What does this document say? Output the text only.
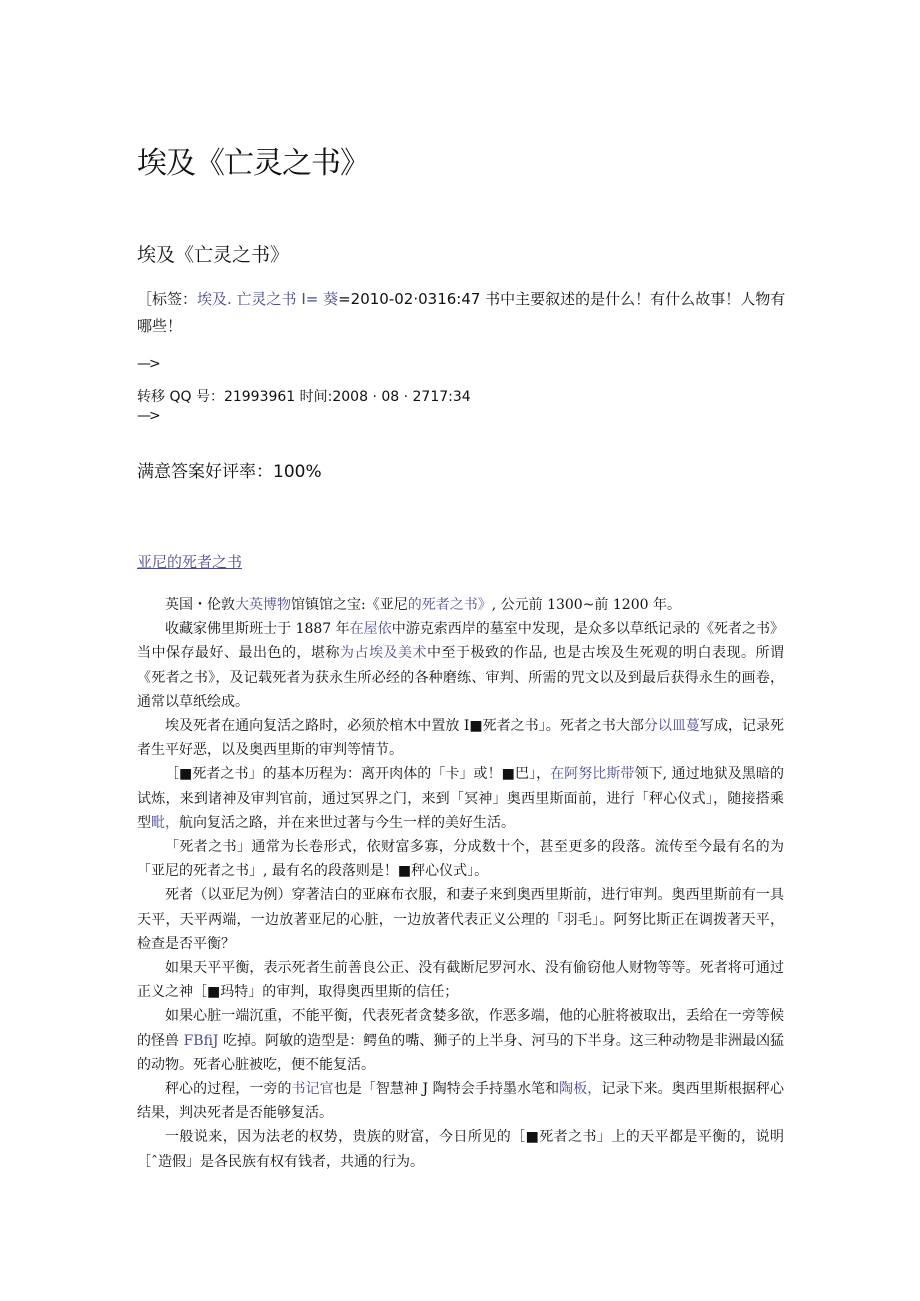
埃及《亡灵之书》
埃及《亡灵之书》
［标签：埃及. 亡灵之书 I= 葵=2010-02·0316:47 书中主要叙述的是什么！有什么故事！人物有哪些！
—>
转移 QQ 号：21993961 时间:2008 · 08 · 2717:34
—>
满意答案好评率：100%
亚尼的死者之书

英国・伦敦大英博物馆镇馆之宝:《亚尼的死者之书》, 公元前 1300~前 1200 年。

收藏家佛里斯班士于 1887 年在屋依中游克索西岸的墓室中发现，是众多以草纸记录的《死者之书》当中保存最好、最出色的，堪称为占埃及美术中至于极致的作品, 也是古埃及生死观的明白表现。所谓《死者之书》，及记载死者为获永生所必经的各种磨练、审判、所需的咒文以及到最后获得永生的画卷，通常以草纸绘成。

埃及死者在通向复活之路时，必须於棺木中置放 I■死者之书」。死者之书大部分以皿蔓写成，记录死者生平好恶，以及奥西里斯的审判等情节。

［■死者之书」的基本历程为：离开肉体的「卡」或！■巴」，在阿努比斯带领下, 通过地狱及黑暗的试炼，来到诸神及审判官前，通过冥界之门，来到「冥神」奥西里斯面前，进行「秤心仪式」，随接搭乘型毗，航向复活之路，并在来世过著与今生一样的美好生活。

「死者之书」通常为长卷形式，依财富多寡，分成数十个，甚至更多的段落。流传至今最有名的为「亚尼的死者之书」, 最有名的段落则是！■秤心仪式」。

死者（以亚尼为例）穿著洁白的亚麻布衣服，和妻子来到奥西里斯前，进行审判。奥西里斯前有一具天平，天平两端，一边放著亚尼的心脏，一边放著代表正义公理的「羽毛」。阿努比斯正在调拨著天平，检查是否平衡？

如果天平平衡，表示死者生前善良公正、没有截断尼罗河水、没有偷窃他人财物等等。死者将可通过正义之神［■玛特」的审判，取得奥西里斯的信任；

如果心脏一端沉重，不能平衡，代表死者贪婪多欲，作恶多端，他的心脏将被取出，丢给在一旁等候的怪兽 FBfiJ 吃掉。阿敏的造型是：鳄鱼的嘴、狮子的上半身、河马的下半身。这三种动物是非洲最凶猛的动物。死者心脏被吃，便不能复活。

秤心的过程，一旁的书记官也是「智慧神 J 陶特会手持墨水笔和陶板，记录下来。奥西里斯根据秤心结果，判决死者是否能够复活。

一般说来，因为法老的权势，贵族的财富，今日所见的［■死者之书」上的天平都是平衡的，说明［ˆ造假」是各民族有权有钱者，共通的行为。
